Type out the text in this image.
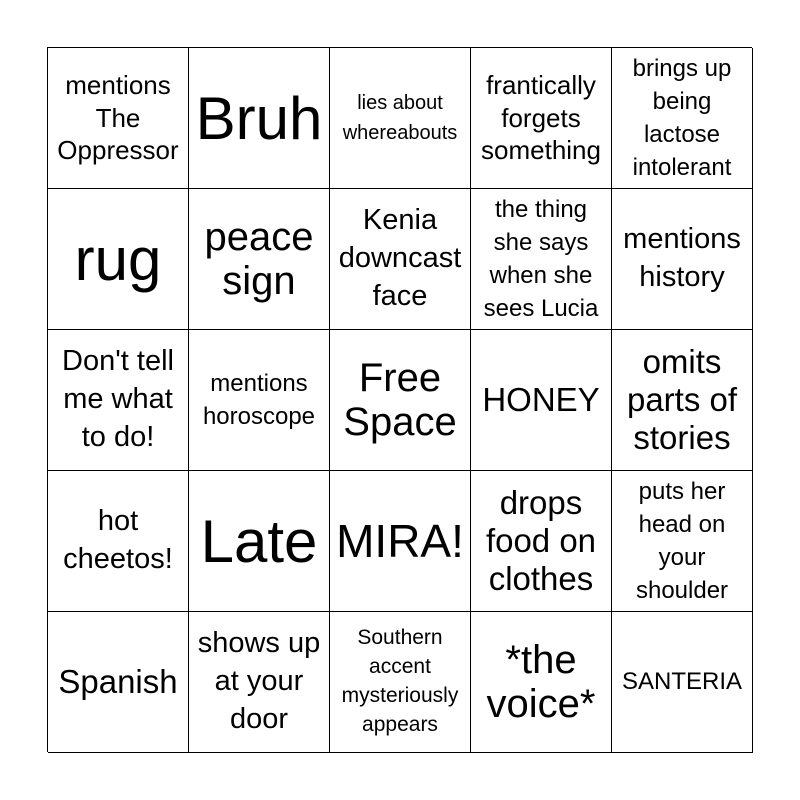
mentions
The
Oppressor Bruh	lies about
whereabouts
frantically
forgets
something
brings up
being
lactose
intolerant
rug peace
sign
Kenia
downcast
face
the thing
she says
when she
sees Lucia
mentions
history
Don't tell
me what
to do!
mentions
horoscope
Free
Space
HONEY
omits
parts of
stories
hot
cheetos! Late MIRA!
drops
food on
clothes
puts her
head on
your
shoulder
Spanish
shows up
at your
door
Southern
accent
mysteriously
appears
*the
voice*
SANTERIA
